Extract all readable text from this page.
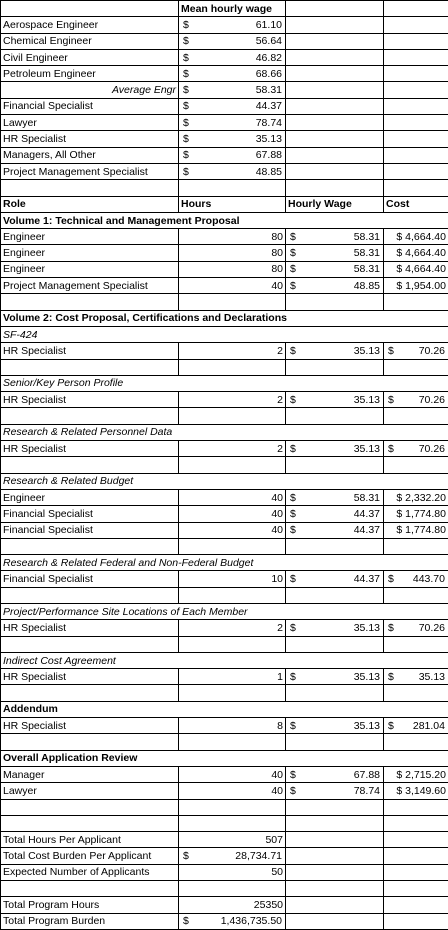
	Mean hourly wage		
Aerospace Engineer	$ 61.10		

Chemical Engineer	$ 56.64		

Civil Engineer	$ 46.82		

Petroleum Engineer	$ 68.66		

Average Engr	$ 58.31		

Financial Specialist	$ 44.37		

Lawyer	$ 78.74		

HR Specialist	$ 35.13		

Managers, All Other	$ 67.88		

Project Management Specialist	$ 48.85		

Role	Hours	Hourly Wage	Cost
Volume 1: Technical and Management Proposal			
Engineer	80	$ 58.31	$ 4,664.40
Engineer	80	$ 58.31	$ 4,664.40
Engineer	80	$ 58.31	$ 4,664.40
Project Management Specialist	40	$ 48.85	$ 1,954.00

Volume 2: Cost Proposal, Certifications and Declarations			
SF-424			
HR Specialist	2	$ 35.13	$ 70.26

Senior/Key Person Profile			
HR Specialist	2	$ 35.13	$ 70.26

Research & Related Personnel Data			
HR Specialist	2	$ 35.13	$ 70.26

Research & Related Budget			
Engineer	40	$ 58.31	$ 2,332.20
Financial Specialist	40	$ 44.37	$ 1,774.80
Financial Specialist	40	$ 44.37	$ 1,774.80

Research & Related Federal and Non-Federal Budget			
Financial Specialist	10	$ 44.37	$ 443.70

Project/Performance Site Locations of Each Member			
HR Specialist	2	$ 35.13	$ 70.26

Indirect Cost Agreement			
HR Specialist	1	$ 35.13	$ 35.13

Addendum			
HR Specialist	8	$ 35.13	$ 281.04

Overall Application Review			
Manager	40	$ 67.88	$ 2,715.20
Lawyer	40	$ 78.74	$ 3,149.60

Total Hours Per Applicant	507		
Total Cost Burden Per Applicant	$ 28,734.71		

Expected Number of Applicants	50		

Total Program Hours	25350		
Total Program Burden	$ 1,436,735.50		
